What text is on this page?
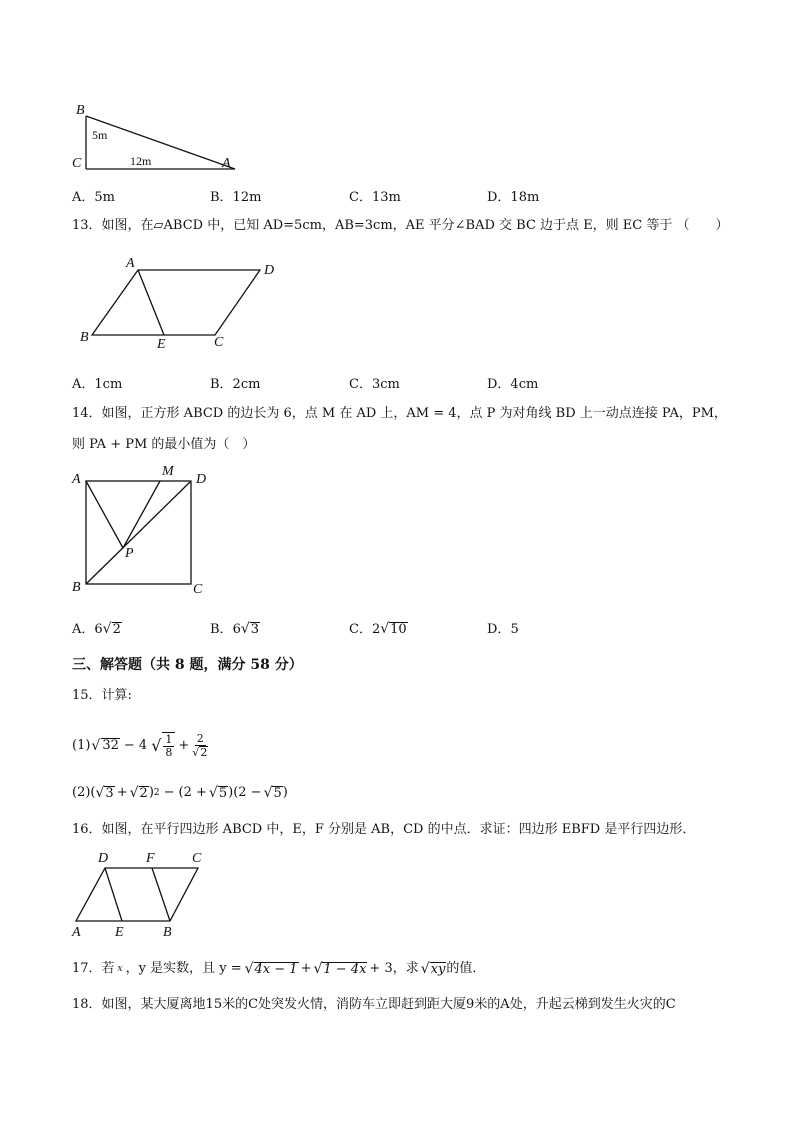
B
5m
C	12m	A
A．5m	B．12m	C．13m	D．18m
13．如图，在▱ABCD 中，已知 AD=5cm，AB=3cm，AE 平分∠BAD 交 BC 边于点 E，则 EC 等于 （　　）
A	D
B	E	C
A．1cm	B．2cm	C．3cm	D．4cm
14．如图，正方形 ABCD 的边长为 6，点 M 在 AD 上，AM = 4，点 P 为对角线 BD 上一动点连接 PA，PM，
则 PA + PM 的最小值为（　）
A
M
D
P
B	C
A．6√2	B．6√3	C．2√10	D．5
三、解答题（共 8 题，满分 58 分）
15．计算:
(1) √ 32 − 4 √ $\frac{1}{8} + \frac{2}{√2}$
(2) ( √ 3 + √ 2 ) 2 − (2 + √ 5 ) (2 − √ 5 )
16．如图，在平行四边形 ABCD 中，E，F 分别是 AB，CD 的中点．求证：四边形 EBFD 是平行四边形．
D	F	C
A E	B
17．若 x ，y 是实数，且 y = √ 4x − 1 + √ 1 − 4x + 3，求 √ xy 的值．
18．如图，某大厦离地15米的C处突发火情，消防车立即赶到距大厦9米的A处，升起云梯到发生火灾的C
